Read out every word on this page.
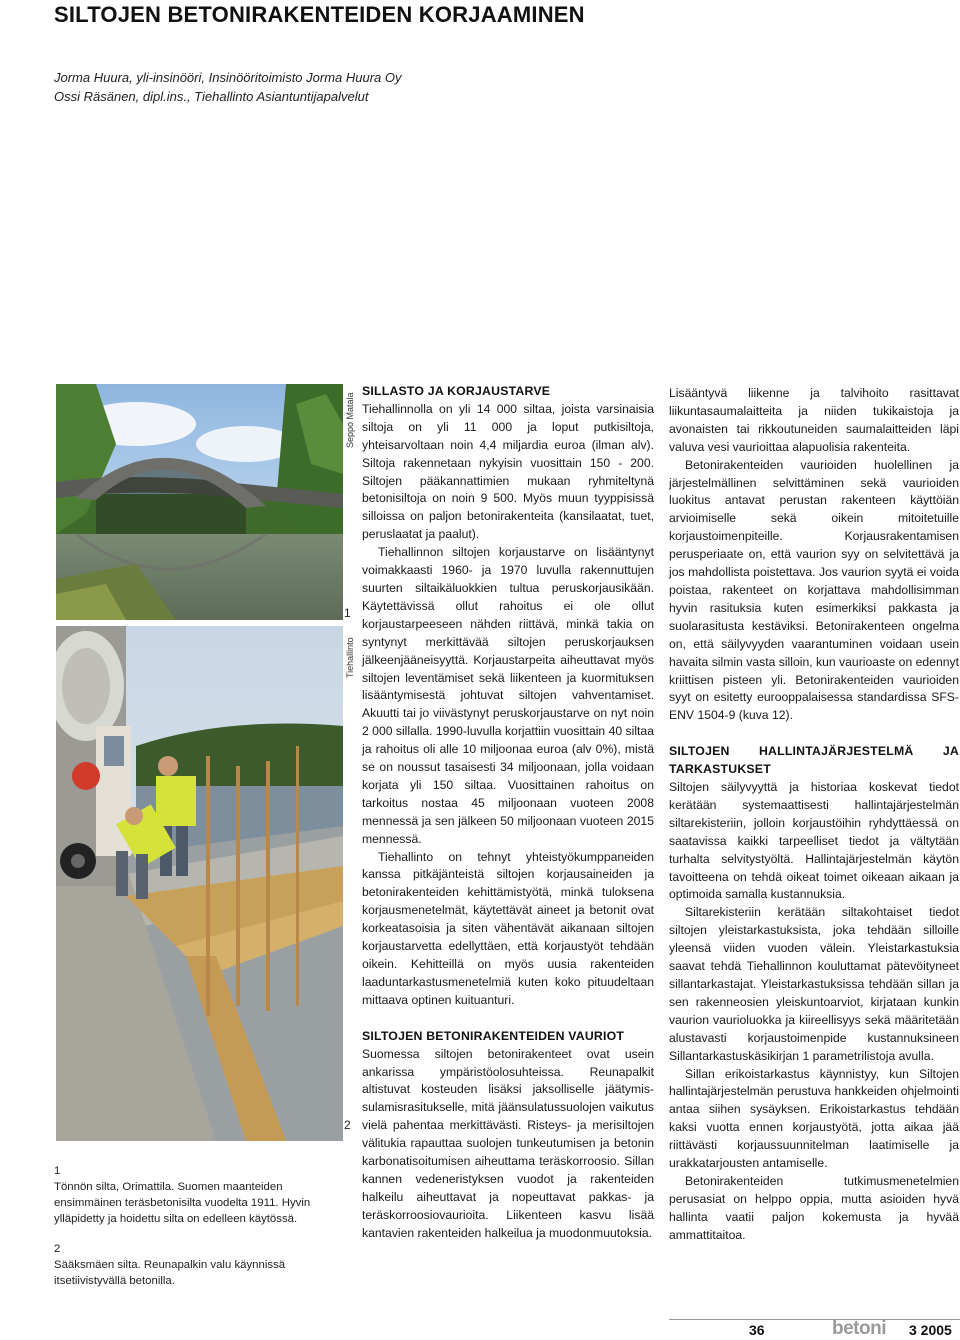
SILTOJEN BETONIRAKENTEIDEN KORJAAMINEN
Jorma Huura, yli-insinööri, Insinööritoimisto Jorma Huura Oy
Ossi Räsänen, dipl.ins., Tiehallinto Asiantuntijapalvelut
1
Seppo Matala
2
Tiehallinto

1

Tönnön silta, Orimattila. Suomen maanteiden ensimmäinen teräsbetonisilta vuodelta 1911. Hyvin ylläpidetty ja hoidettu silta on edelleen käytössä.

2

Sääksmäen silta. Reunapalkin valu käynnissä itsetiivistyvällä betonilla.

SILLASTO JA KORJAUSTARVE

Tiehallinnolla on yli 14 000 siltaa, joista varsinaisia siltoja on yli 11 000 ja loput putkisiltoja, yhteisarvoltaan noin 4,4 miljardia euroa (ilman alv). Siltoja rakennetaan nykyisin vuosittain 150 - 200. Siltojen pääkannattimien mukaan ryhmiteltynä betonisiltoja on noin 9 500. Myös muun tyyppisissä silloissa on paljon betonirakenteita (kansilaatat, tuet, peruslaatat ja paalut).

Tiehallinnon siltojen korjaustarve on lisääntynyt voimakkaasti 1960- ja 1970 luvulla rakennuttujen suurten siltaikäluokkien tultua peruskorjausikään. Käytettävissä ollut rahoitus ei ole ollut korjaustarpeeseen nähden riittävä, minkä takia on syntynyt merkittävää siltojen peruskorjauksen jälkeenjääneisyyttä. Korjaustarpeita aiheuttavat myös siltojen leventämiset sekä liikenteen ja kuormituksen lisääntymisestä johtuvat siltojen vahventamiset. Akuutti tai jo viivästynyt peruskorjaustarve on nyt noin 2 000 sillalla. 1990-luvulla korjattiin vuosittain 40 siltaa ja rahoitus oli alle 10 miljoonaa euroa (alv 0%), mistä se on noussut tasaisesti 34 miljoonaan, jolla voidaan korjata yli 150 siltaa. Vuosittainen rahoitus on tarkoitus nostaa 45 miljoonaan vuoteen 2008 mennessä ja sen jälkeen 50 miljoonaan vuoteen 2015 mennessä.

Tiehallinto on tehnyt yhteistyökumppaneiden kanssa pitkäjänteistä siltojen korjausaineiden ja betonirakenteiden kehittämistyötä, minkä tuloksena korjausmenetelmät, käytettävät aineet ja betonit ovat korkeatasoisia ja siten vähentävät aikanaan siltojen korjaustarvetta edellyttäen, että korjaustyöt tehdään oikein. Kehitteillä on myös uusia rakenteiden laaduntarkastusmenetelmiä kuten koko pituudeltaan mittaava optinen kuituanturi.

SILTOJEN BETONIRAKENTEIDEN VAURIOT

Suomessa siltojen betonirakenteet ovat usein ankarissa ympäristöolosuhteissa. Reunapalkit altistuvat kosteuden lisäksi jaksolliselle jäätymis- sulamisrasitukselle, mitä jäänsulatussuolojen vaikutus vielä pahentaa merkittävästi. Risteys- ja merisiltojen välitukia rapauttaa suolojen tunkeutumisen ja betonin karbonatisoitumisen aiheuttama teräskorroosio. Sillan kannen vedeneristyksen vuodot ja rakenteiden halkeilu aiheuttavat ja nopeuttavat pakkas- ja teräskorroosiovaurioita. Liikenteen kasvu lisää kantavien rakenteiden halkeilua ja muodonmuutoksia.

Lisääntyvä liikenne ja talvihoito rasittavat liikuntasaumalaitteita ja niiden tukikaistoja ja avonaisten tai rikkoutuneiden saumalaitteiden läpi valuva vesi vaurioittaa alapuolisia rakenteita.

Betonirakenteiden vaurioiden huolellinen ja järjestelmällinen selvittäminen sekä vaurioiden luokitus antavat perustan rakenteen käyttöiän arvioimiselle sekä oikein mitoitetuille korjaustoimenpiteille. Korjausrakentamisen perusperiaate on, että vaurion syy on selvitettävä ja jos mahdollista poistettava. Jos vaurion syytä ei voida poistaa, rakenteet on korjattava mahdollisimman hyvin rasituksia kuten esimerkiksi pakkasta ja suolarasitusta kestäviksi. Betonirakenteen ongelma on, että säilyvyyden vaarantuminen voidaan usein havaita silmin vasta silloin, kun vaurioaste on edennyt kriittisen pisteen yli. Betonirakenteiden vaurioiden syyt on esitetty eurooppalaisessa standardissa SFS-ENV 1504-9 (kuva 12).

SILTOJEN HALLINTAJÄRJESTELMÄ JA TARKASTUKSET

Siltojen säilyvyyttä ja historiaa koskevat tiedot kerätään systemaattisesti hallintajärjestelmän siltarekisteriin, jolloin korjaustöihin ryhdyttäessä on saatavissa kaikki tarpeelliset tiedot ja vältytään turhalta selvitystyöltä. Hallintajärjestelmän käytön tavoitteena on tehdä oikeat toimet oikeaan aikaan ja optimoida samalla kustannuksia.

Siltarekisteriin kerätään siltakohtaiset tiedot siltojen yleistarkastuksista, joka tehdään silloille yleensä viiden vuoden välein. Yleistarkastuksia saavat tehdä Tiehallinnon kouluttamat pätevöityneet sillantarkastajat. Yleistarkastuksissa tehdään sillan ja sen rakenneosien yleiskuntoarviot, kirjataan kunkin vaurion vaurioluokka ja kiireellisyys sekä määritetään alustavasti korjaustoimenpide kustannuksineen Sillantarkastuskäsikirjan 1 parametrilistoja avulla.

Sillan erikoistarkastus käynnistyy, kun Siltojen hallintajärjestelmän perustuva hankkeiden ohjelmointi antaa siihen sysäyksen. Erikoistarkastus tehdään kaksi vuotta ennen korjaustyötä, jotta aikaa jää riittävästi korjaussuunnitelman laatimiselle ja urakkatarjousten antamiselle.

Betonirakenteiden tutkimusmenetelmien perusasiat on helppo oppia, mutta asioiden hyvä hallinta vaatii paljon kokemusta ja hyvää ammattitaitoa.

36	betoni 3 2005
